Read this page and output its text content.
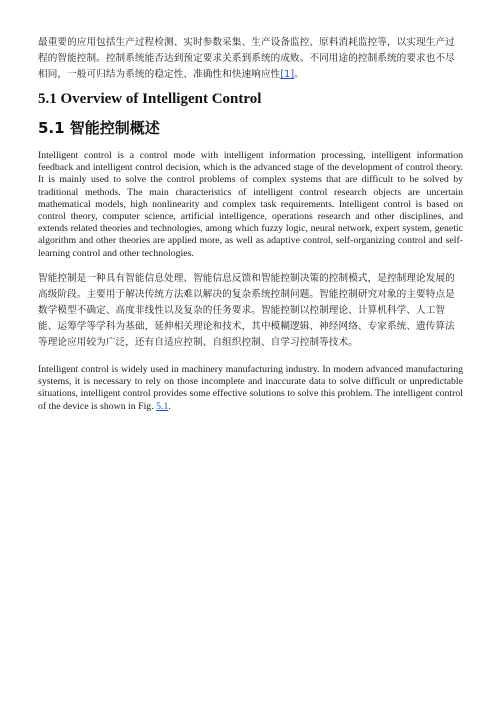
最重要的应用包括生产过程检测、实时参数采集、生产设备监控、原料消耗监控等，以实现生产过程的智能控制。控制系统能否达到预定要求关系到系统的成败。不同用途的控制系统的要求也不尽相同，一般可归结为系统的稳定性、准确性和快速响应性[1]。

5.1 Overview of Intelligent Control
5.1 智能控制概述

Intelligent control is a control mode with intelligent information processing, intelligent information feedback and intelligent control decision, which is the advanced stage of the development of control theory. It is mainly used to solve the control problems of complex systems that are difficult to be solved by traditional methods. The main characteristics of intelligent control research objects are uncertain mathematical models, high nonlinearity and complex task requirements. Intelligent control is based on control theory, computer science, artificial intelligence, operations research and other disciplines, and extends related theories and technologies, among which fuzzy logic, neural network, expert system, genetic algorithm and other theories are applied more, as well as adaptive control, self-organizing control and self-learning control and other technologies.

智能控制是一种具有智能信息处理、智能信息反馈和智能控制决策的控制模式，是控制理论发展的高级阶段。主要用于解决传统方法难以解决的复杂系统控制问题。智能控制研究对象的主要特点是数学模型不确定、高度非线性以及复杂的任务要求。智能控制以控制理论、计算机科学、人工智能、运筹学等学科为基础，延伸相关理论和技术，其中模糊逻辑、神经网络、专家系统、遗传算法等理论应用较为广泛，还有自适应控制、自组织控制、自学习控制等技术。

Intelligent control is widely used in machinery manufacturing industry. In modern advanced manufacturing systems, it is necessary to rely on those incomplete and inaccurate data to solve difficult or unpredictable situations, intelligent control provides some effective solutions to solve this problem. The intelligent control of the device is shown in Fig. 5.1.
